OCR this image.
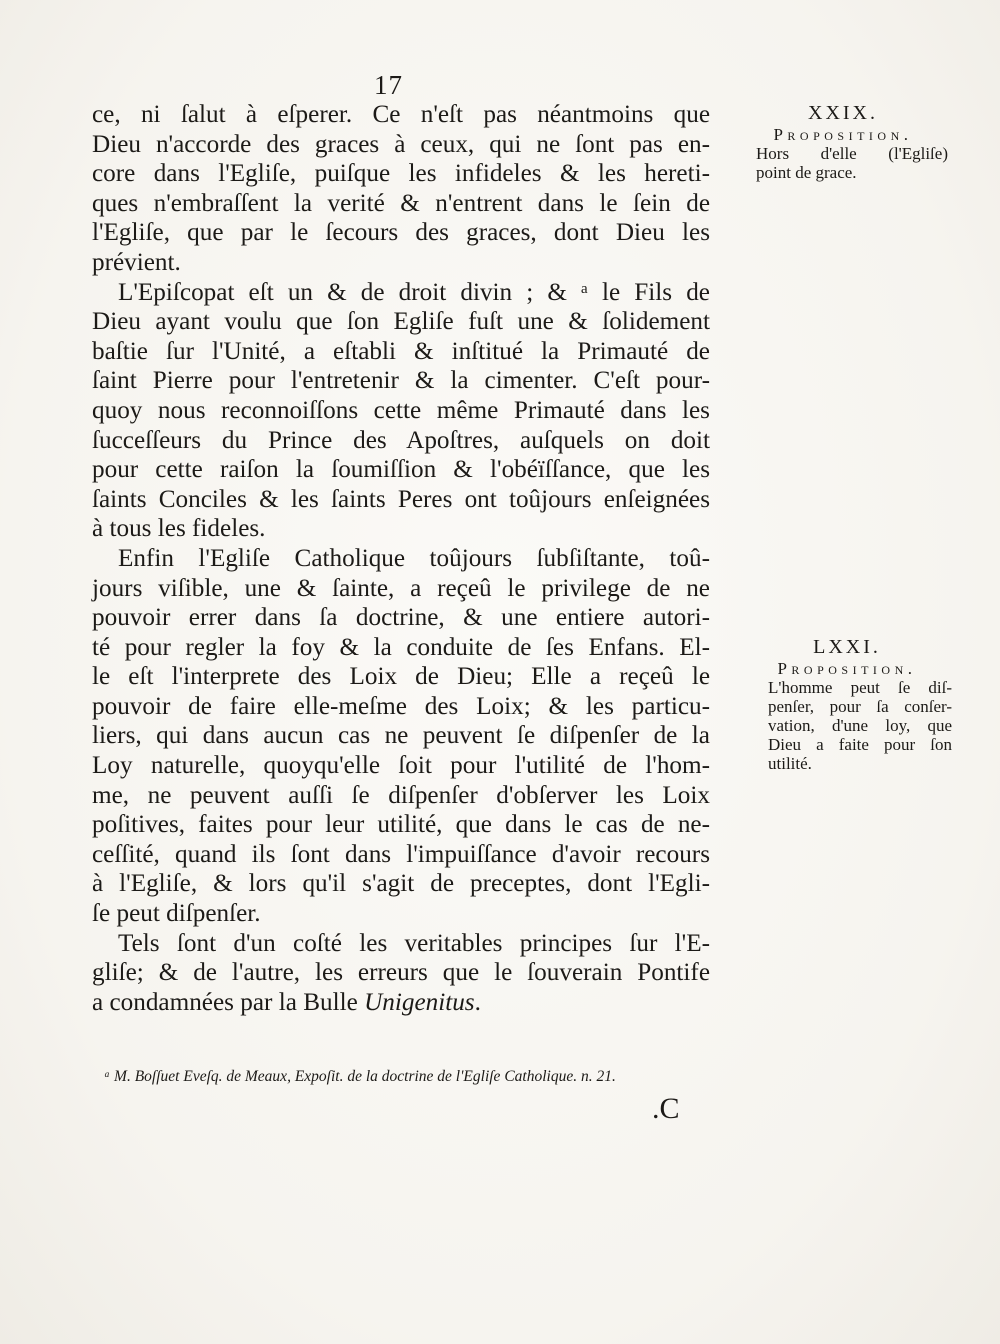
17
ce, ni ſalut à eſperer. Ce n'eſt pas néantmoins que
Dieu n'accorde des graces à ceux, qui ne ſont pas en-
core dans l'Egliſe, puiſque les infideles & les hereti-
ques n'embraſſent la verité & n'entrent dans le ſein de
l'Egliſe, que par le ſecours des graces, dont Dieu les
prévient.
L'Epiſcopat eſt un & de droit divin ; & ᵃ le Fils de
Dieu ayant voulu que ſon Egliſe fuſt une & ſolidement
baſtie ſur l'Unité, a eſtabli & inſtitué la Primauté de
ſaint Pierre pour l'entretenir & la cimenter. C'eſt pour-
quoy nous reconnoiſſons cette même Primauté dans les
ſucceſſeurs du Prince des Apoſtres, auſquels on doit
pour cette raiſon la ſoumiſſion & l'obéïſſance, que les
ſaints Conciles & les ſaints Peres ont toûjours enſeignées
à tous les fideles.
Enfin l'Egliſe Catholique toûjours ſubſiſtante, toû-
jours viſible, une & ſainte, a reçeû le privilege de ne
pouvoir errer dans ſa doctrine, & une entiere autori-
té pour regler la foy & la conduite de ſes Enfans. El-
le eſt l'interprete des Loix de Dieu; Elle a reçeû le
pouvoir de faire elle-meſme des Loix; & les particu-
liers, qui dans aucun cas ne peuvent ſe diſpenſer de la
Loy naturelle, quoyqu'elle ſoit pour l'utilité de l'hom-
me, ne peuvent auſſi ſe diſpenſer d'obſerver les Loix
poſitives, faites pour leur utilité, que dans le cas de ne-
ceſſité, quand ils ſont dans l'impuiſſance d'avoir recours
à l'Egliſe, & lors qu'il s'agit de preceptes, dont l'Egli-
ſe peut diſpenſer.
Tels ſont d'un coſté les veritables principes ſur l'E-
gliſe; & de l'autre, les erreurs que le ſouverain Pontife
a condamnées par la Bulle Unigenitus.
XXIX.
Proposition.
Hors d'elle (l'Egliſe)
point de grace.
LXXI.
Proposition.
L'homme peut ſe diſ-
penſer, pour ſa conſer-
vation, d'une loy, que
Dieu a faite pour ſon
utilité.
ᵃ M. Boſſuet Eveſq. de Meaux, Expoſit. de la doctrine de l'Egliſe Catholique. n. 21.
.C
